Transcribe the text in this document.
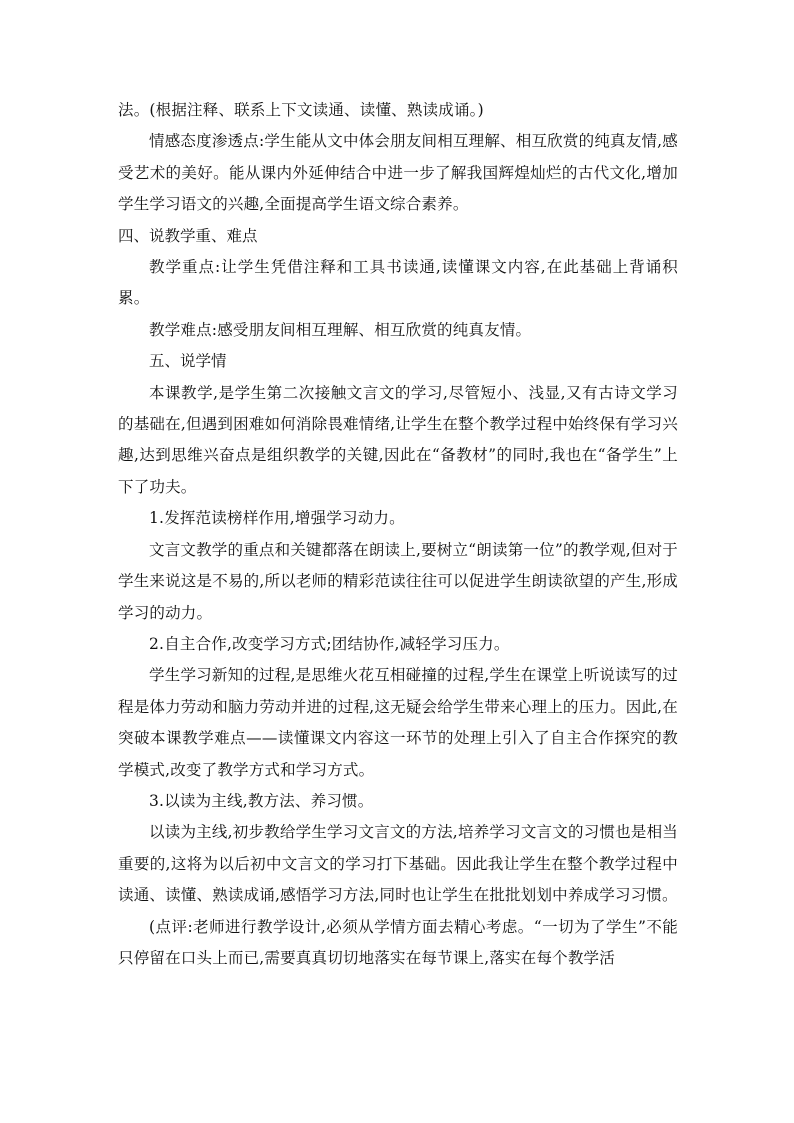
法。(根据注释、联系上下文读通、读懂、熟读成诵。)

情感态度渗透点:学生能从文中体会朋友间相互理解、相互欣赏的纯真友情,感受艺术的美好。能从课内外延伸结合中进一步了解我国辉煌灿烂的古代文化,增加学生学习语文的兴趣,全面提高学生语文综合素养。

四、说教学重、难点

教学重点:让学生凭借注释和工具书读通,读懂课文内容,在此基础上背诵积累。

教学难点:感受朋友间相互理解、相互欣赏的纯真友情。

五、说学情

本课教学,是学生第二次接触文言文的学习,尽管短小、浅显,又有古诗文学习的基础在,但遇到困难如何消除畏难情绪,让学生在整个教学过程中始终保有学习兴趣,达到思维兴奋点是组织教学的关键,因此在“备教材”的同时,我也在“备学生”上下了功夫。

1.发挥范读榜样作用,增强学习动力。

文言文教学的重点和关键都落在朗读上,要树立“朗读第一位”的教学观,但对于学生来说这是不易的,所以老师的精彩范读往往可以促进学生朗读欲望的产生,形成学习的动力。

2.自主合作,改变学习方式;团结协作,减轻学习压力。

学生学习新知的过程,是思维火花互相碰撞的过程,学生在课堂上听说读写的过程是体力劳动和脑力劳动并进的过程,这无疑会给学生带来心理上的压力。因此,在突破本课教学难点——读懂课文内容这一环节的处理上引入了自主合作探究的教学模式,改变了教学方式和学习方式。

3.以读为主线,教方法、养习惯。

以读为主线,初步教给学生学习文言文的方法,培养学习文言文的习惯也是相当重要的,这将为以后初中文言文的学习打下基础。因此我让学生在整个教学过程中读通、读懂、熟读成诵,感悟学习方法,同时也让学生在批批划划中养成学习习惯。

(点评:老师进行教学设计,必须从学情方面去精心考虑。“一切为了学生”不能只停留在口头上而已,需要真真切切地落实在每节课上,落实在每个教学活
